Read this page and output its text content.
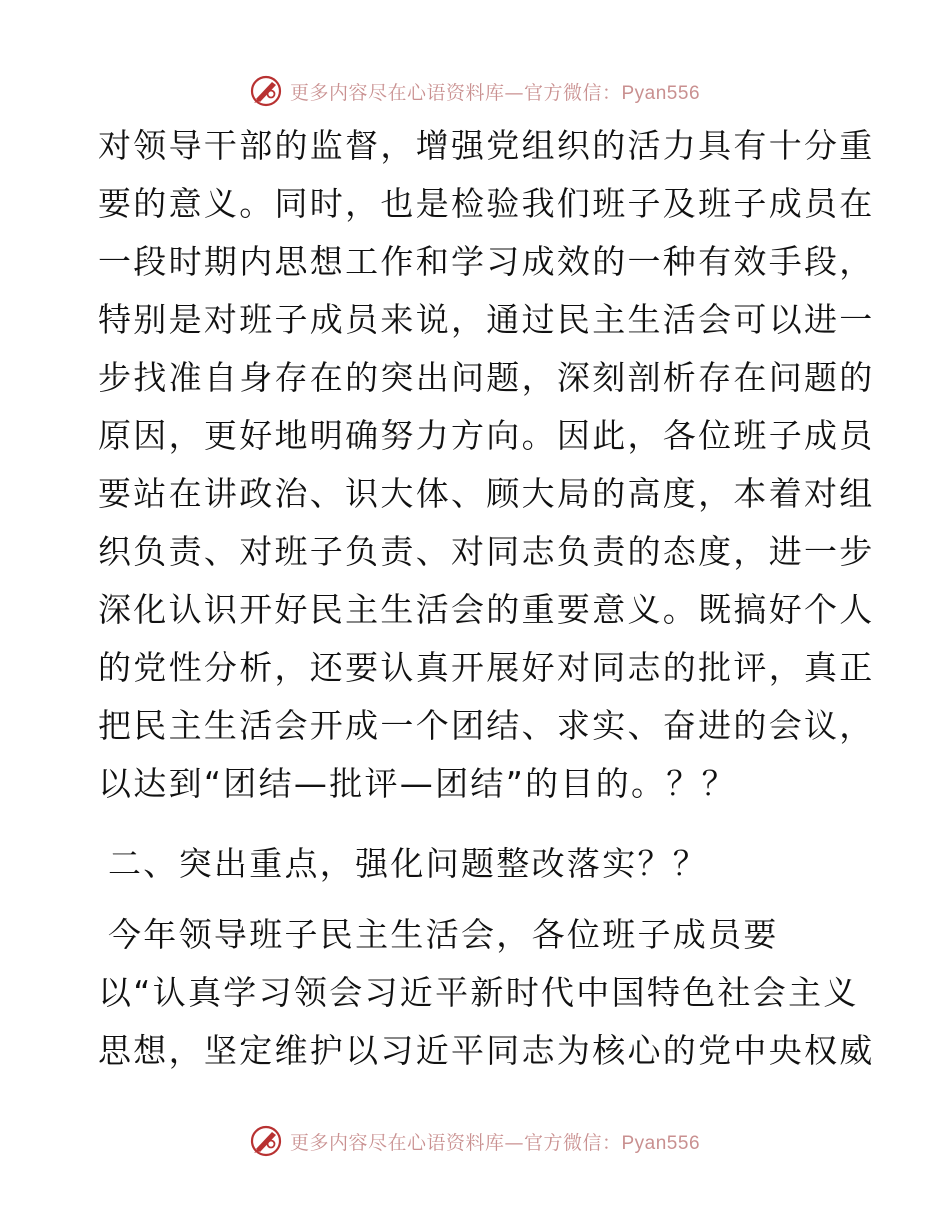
更多内容尽在心语资料库—官方微信：Pyan556
对领导干部的监督，增强党组织的活力具有十分重
要的意义。同时，也是检验我们班子及班子成员在
一段时期内思想工作和学习成效的一种有效手段，
特别是对班子成员来说，通过民主生活会可以进一
步找准自身存在的突出问题，深刻剖析存在问题的
原因，更好地明确努力方向。因此，各位班子成员
要站在讲政治、识大体、顾大局的高度，本着对组
织负责、对班子负责、对同志负责的态度，进一步
深化认识开好民主生活会的重要意义。既搞好个人
的党性分析，还要认真开展好对同志的批评，真正
把民主生活会开成一个团结、求实、奋进的会议，
以达到“团结—批评—团结”的目的。？？
二、突出重点，强化问题整改落实？？
今年领导班子民主生活会，各位班子成员要
以“认真学习领会习近平新时代中国特色社会主义
思想，坚定维护以习近平同志为核心的党中央权威
更多内容尽在心语资料库—官方微信：Pyan556
